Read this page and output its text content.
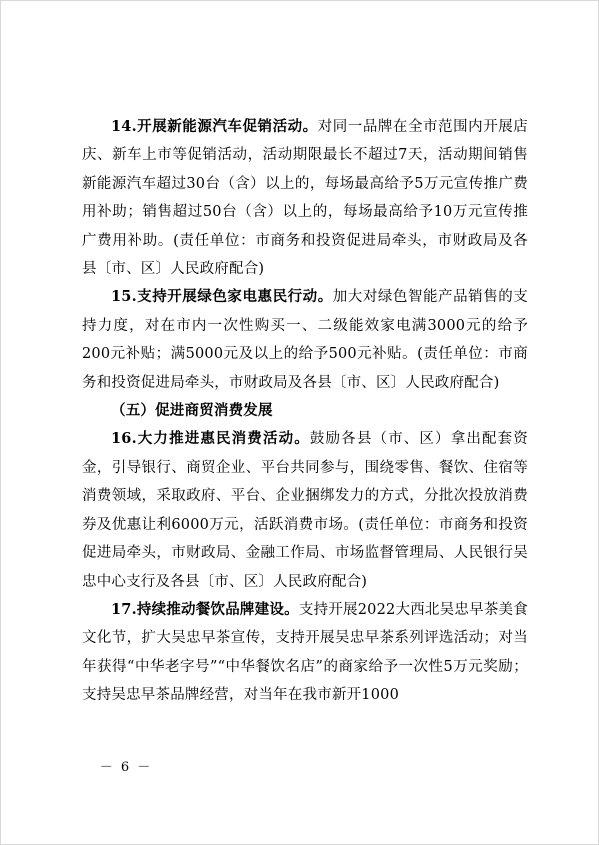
14.开展新能源汽车促销活动。对同一品牌在全市范围内开展店庆、新车上市等促销活动，活动期限最长不超过7天，活动期间销售新能源汽车超过30台（含）以上的，每场最高给予5万元宣传推广费用补助；销售超过50台（含）以上的，每场最高给予10万元宣传推广费用补助。(责任单位：市商务和投资促进局牵头，市财政局及各县〔市、区〕人民政府配合)

15.支持开展绿色家电惠民行动。加大对绿色智能产品销售的支持力度，对在市内一次性购买一、二级能效家电满3000元的给予200元补贴；满5000元及以上的给予500元补贴。(责任单位：市商务和投资促进局牵头，市财政局及各县〔市、区〕人民政府配合)

（五）促进商贸消费发展

16.大力推进惠民消费活动。鼓励各县（市、区）拿出配套资金，引导银行、商贸企业、平台共同参与，围绕零售、餐饮、住宿等消费领域，采取政府、平台、企业捆绑发力的方式，分批次投放消费券及优惠让利6000万元，活跃消费市场。(责任单位：市商务和投资促进局牵头，市财政局、金融工作局、市场监督管理局、人民银行吴忠中心支行及各县〔市、区〕人民政府配合)

17.持续推动餐饮品牌建设。支持开展2022大西北吴忠早茶美食文化节，扩大吴忠早茶宣传，支持开展吴忠早茶系列评选活动；对当年获得“中华老字号”“中华餐饮名店”的商家给予一次性5万元奖励；支持吴忠早茶品牌经营，对当年在我市新开1000

－ 6 －
